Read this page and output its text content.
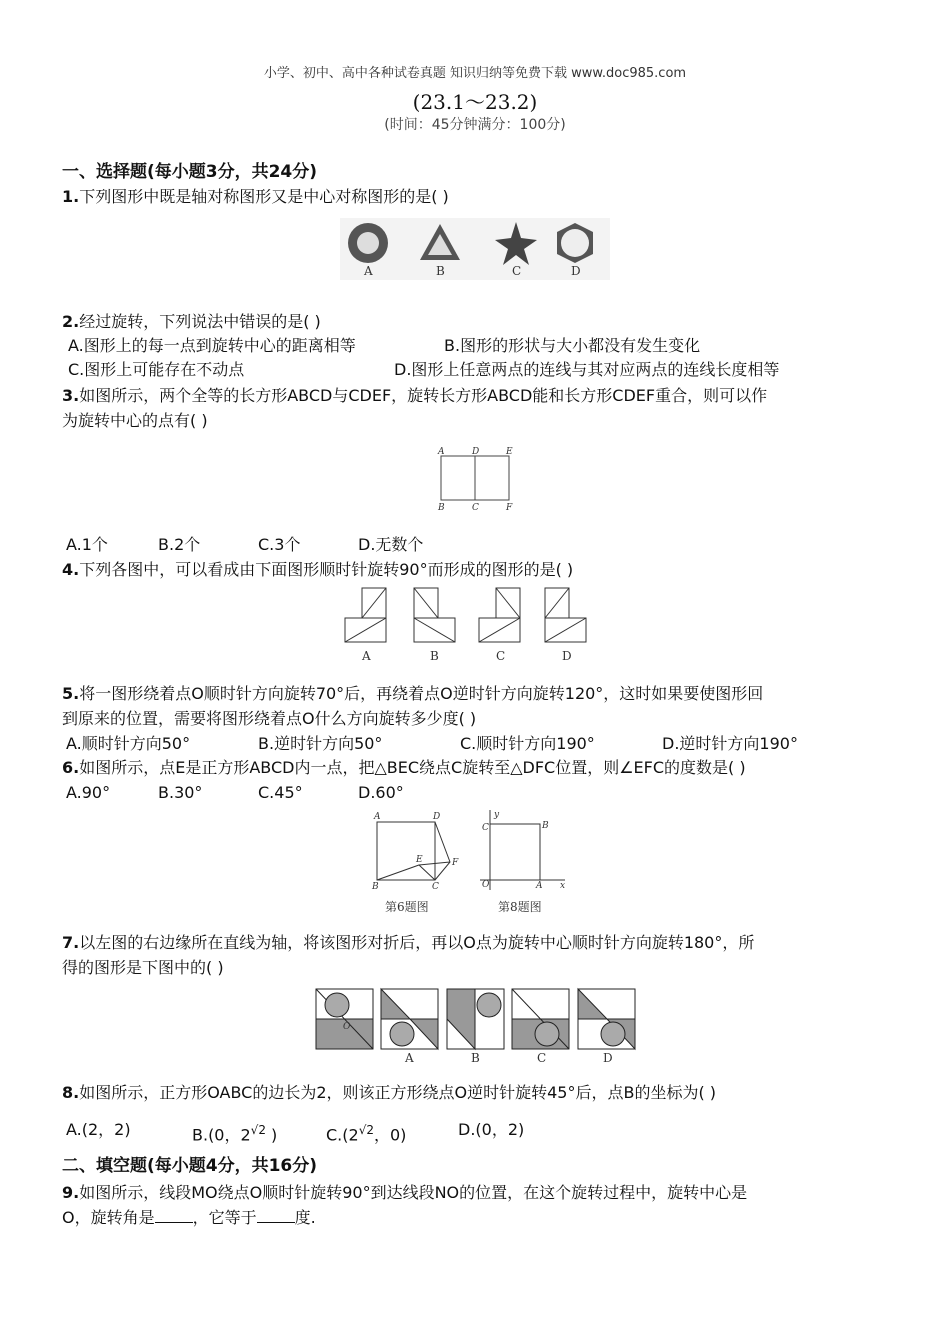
小学、初中、高中各种试卷真题 知识归纳等免费下载 www.doc985.com
(23.1～23.2)
(时间：45分钟满分：100分)
一、选择题(每小题3分，共24分)
1.下列图形中既是轴对称图形又是中心对称图形的是( )
A	B	C	D
2.经过旋转，下列说法中错误的是( )
A.图形上的每一点到旋转中心的距离相等	B.图形的形状与大小都没有发生变化
C.图形上可能存在不动点	D.图形上任意两点的连线与其对应两点的连线长度相等
3.如图所示，两个全等的长方形ABCD与CDEF，旋转长方形ABCD能和长方形CDEF重合，则可以作
为旋转中心的点有( )
A	D	E
B	C	F
A.1个	B.2个	C.3个	D.无数个
4.下列各图中，可以看成由下面图形顺时针旋转90°而形成的图形的是( )
A	B	C	D
5.将一图形绕着点O顺时针方向旋转70°后，再绕着点O逆时针方向旋转120°，这时如果要使图形回
到原来的位置，需要将图形绕着点O什么方向旋转多少度( )
A.顺时针方向50°	B.逆时针方向50°	C.顺时针方向190°	D.逆时针方向190°
6.如图所示，点E是正方形ABCD内一点，把△BEC绕点C旋转至△DFC位置，则∠EFC的度数是( )
A.90°	B.30°	C.45°	D.60°
A	D
E	F
B	C
y
C	B
O	A x
第6题图	第8题图
7.以左图的右边缘所在直线为轴，将该图形对折后，再以O点为旋转中心顺时针方向旋转180°，所
得的图形是下图中的( )
O
A	B	C	D
8.如图所示，正方形OABC的边长为2，则该正方形绕点O逆时针旋转45°后，点B的坐标为( )
A.(2，2)	B.(0，$2^{√2}$ )	$C.(2^{√2}$，0)	D.(0，2)
二、填空题(每小题4分，共16分)
9.如图所示，线段MO绕点O顺时针旋转90°到达线段NO的位置，在这个旋转过程中，旋转中心是
O，旋转角是 ，它等于 度.
